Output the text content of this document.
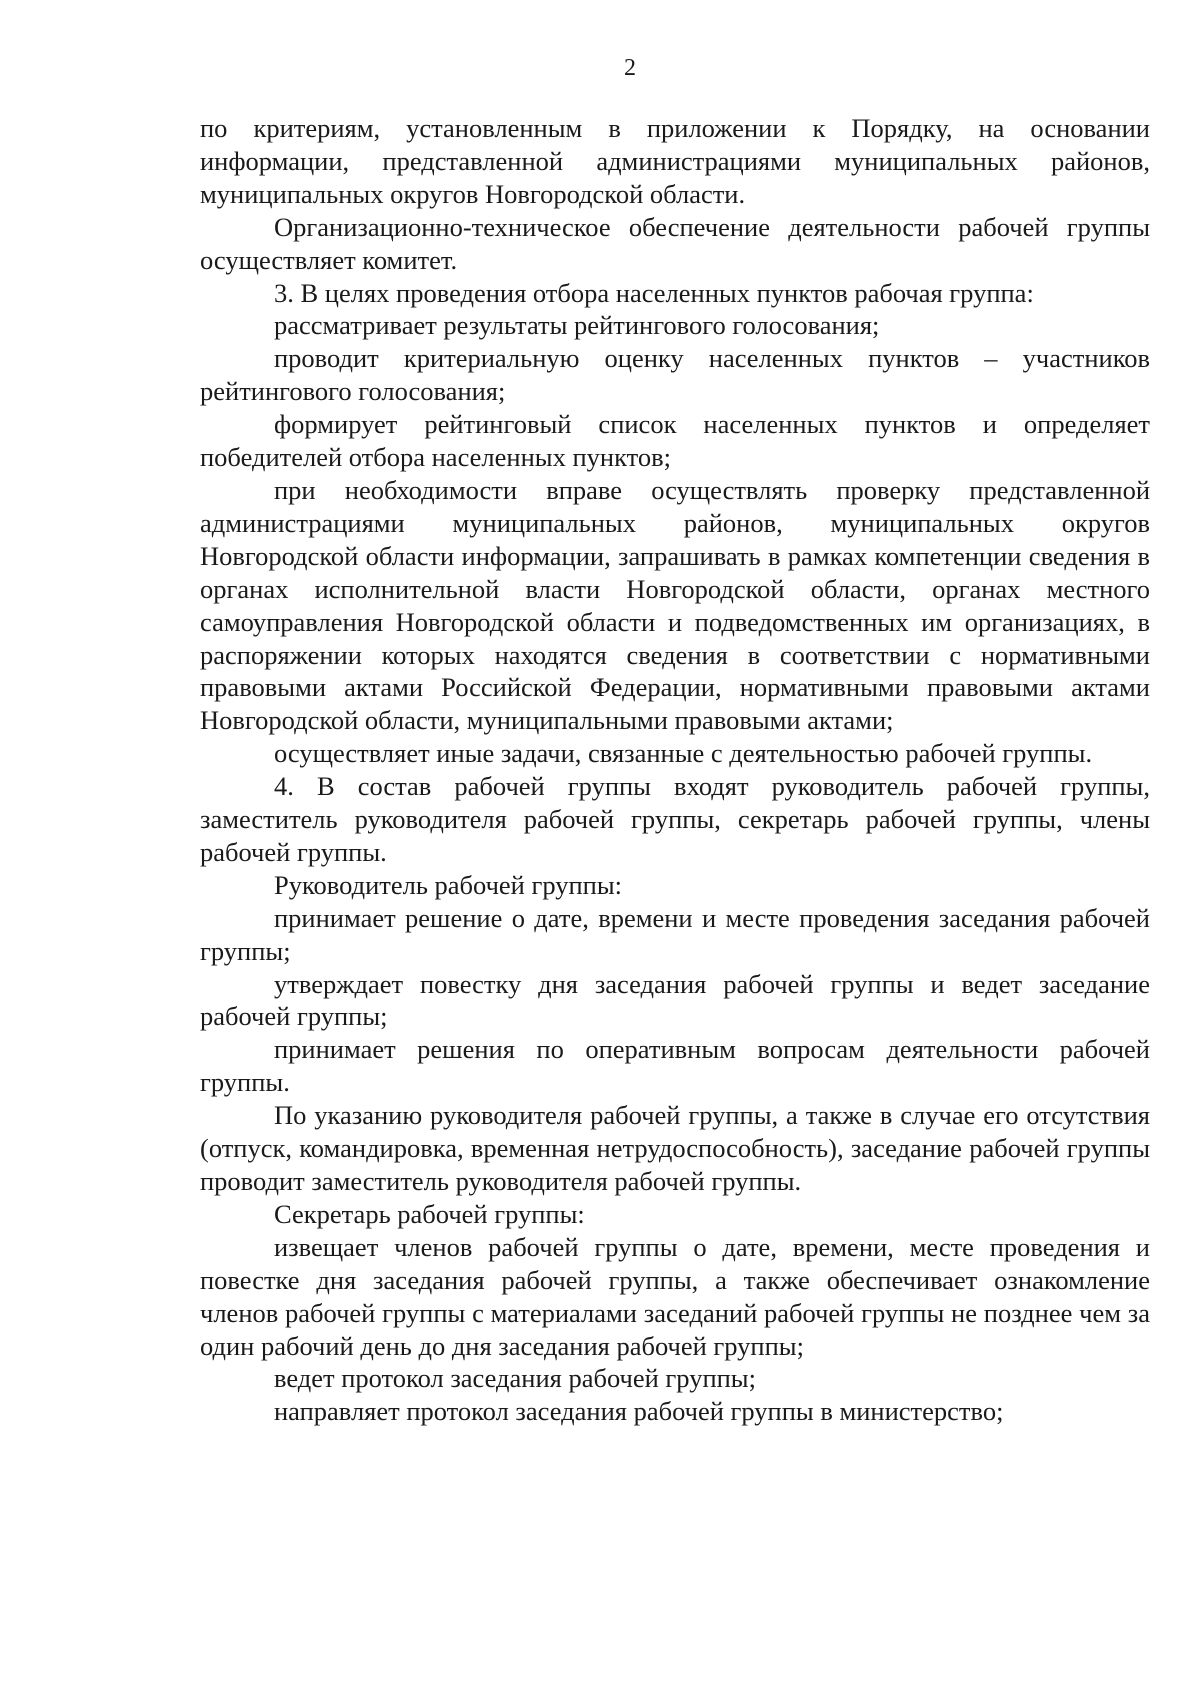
2

по критериям, установленным в приложении к Порядку, на основании информации, представленной администрациями муниципальных районов, муниципальных округов Новгородской области.

Организационно-техническое обеспечение деятельности рабочей группы осуществляет комитет.

3. В целях проведения отбора населенных пунктов рабочая группа:

рассматривает результаты рейтингового голосования;

проводит критериальную оценку населенных пунктов – участников рейтингового голосования;

формирует рейтинговый список населенных пунктов и определяет победителей отбора населенных пунктов;

при необходимости вправе осуществлять проверку представленной администрациями муниципальных районов, муниципальных округов Новгородской области информации, запрашивать в рамках компетенции сведения в органах исполнительной власти Новгородской области, органах местного самоуправления Новгородской области и подведомственных им организациях, в распоряжении которых находятся сведения в соответствии с нормативными правовыми актами Российской Федерации, нормативными правовыми актами Новгородской области, муниципальными правовыми актами;

осуществляет иные задачи, связанные с деятельностью рабочей группы.

4. В состав рабочей группы входят руководитель рабочей группы, заместитель руководителя рабочей группы, секретарь рабочей группы, члены рабочей группы.

Руководитель рабочей группы:

принимает решение о дате, времени и месте проведения заседания рабочей группы;

утверждает повестку дня заседания рабочей группы и ведет заседание рабочей группы;

принимает решения по оперативным вопросам деятельности рабочей группы.

По указанию руководителя рабочей группы, а также в случае его отсутствия (отпуск, командировка, временная нетрудоспособность), заседание рабочей группы проводит заместитель руководителя рабочей группы.

Секретарь рабочей группы:

извещает членов рабочей группы о дате, времени, месте проведения и повестке дня заседания рабочей группы, а также обеспечивает ознакомление членов рабочей группы с материалами заседаний рабочей группы не позднее чем за один рабочий день до дня заседания рабочей группы;

ведет протокол заседания рабочей группы;

направляет протокол заседания рабочей группы в министерство;
